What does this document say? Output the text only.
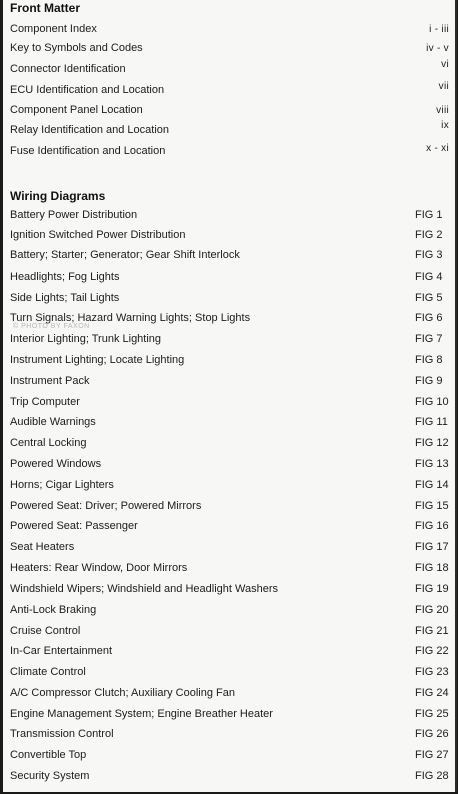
Front Matter
Component Index	i - iii
Key to Symbols and Codes	iv - v
Connector Identification	vi
ECU Identification and Location	vii
Component Panel Location	viii
Relay Identification and Location	ix
Fuse Identification and Location	x - xi
Wiring Diagrams
Battery Power Distribution	FIG 1
Ignition Switched Power Distribution	FIG 2
Battery; Starter; Generator; Gear Shift Interlock	FIG 3
Headlights; Fog Lights	FIG 4
Side Lights; Tail Lights	FIG 5
Turn Signals; Hazard Warning Lights; Stop Lights	FIG 6
© PHOTO BY FAXON
Interior Lighting; Trunk Lighting	FIG 7
Instrument Lighting; Locate Lighting	FIG 8
Instrument Pack	FIG 9
Trip Computer	FIG 10
Audible Warnings	FIG 11
Central Locking	FIG 12
Powered Windows	FIG 13
Horns; Cigar Lighters	FIG 14
Powered Seat: Driver; Powered Mirrors	FIG 15
Powered Seat: Passenger	FIG 16
Seat Heaters	FIG 17
Heaters: Rear Window, Door Mirrors	FIG 18
Windshield Wipers; Windshield and Headlight Washers	FIG 19
Anti-Lock Braking	FIG 20
Cruise Control	FIG 21
In-Car Entertainment	FIG 22
Climate Control	FIG 23
A/C Compressor Clutch; Auxiliary Cooling Fan	FIG 24
Engine Management System; Engine Breather Heater	FIG 25
Transmission Control	FIG 26
Convertible Top	FIG 27
Security System	FIG 28
